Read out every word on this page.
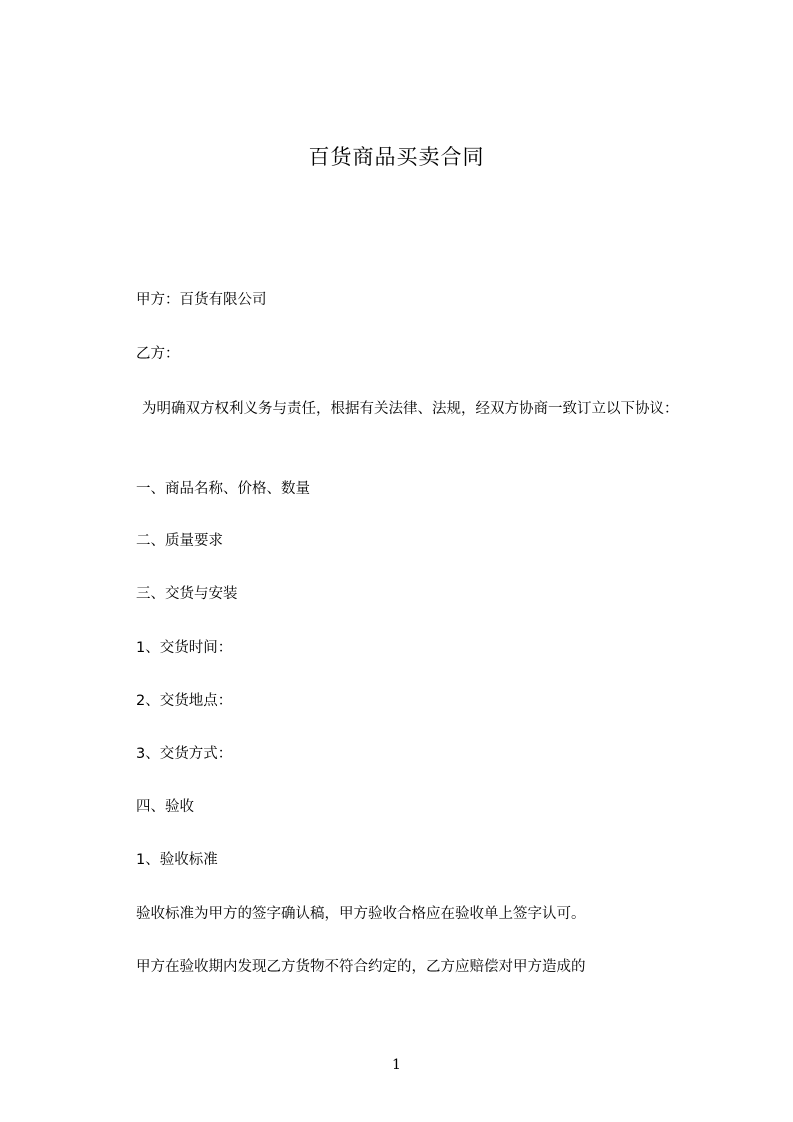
百货商品买卖合同
甲方：百货有限公司
乙方：
为明确双方权利义务与责任，根据有关法律、法规，经双方协商一致订立以下协议：
一、商品名称、价格、数量
二、质量要求
三、交货与安装
1、交货时间：
2、交货地点：
3、交货方式：
四、验收
1、验收标准
验收标准为甲方的签字确认稿，甲方验收合格应在验收单上签字认可。
甲方在验收期内发现乙方货物不符合约定的，乙方应赔偿对甲方造成的
1
